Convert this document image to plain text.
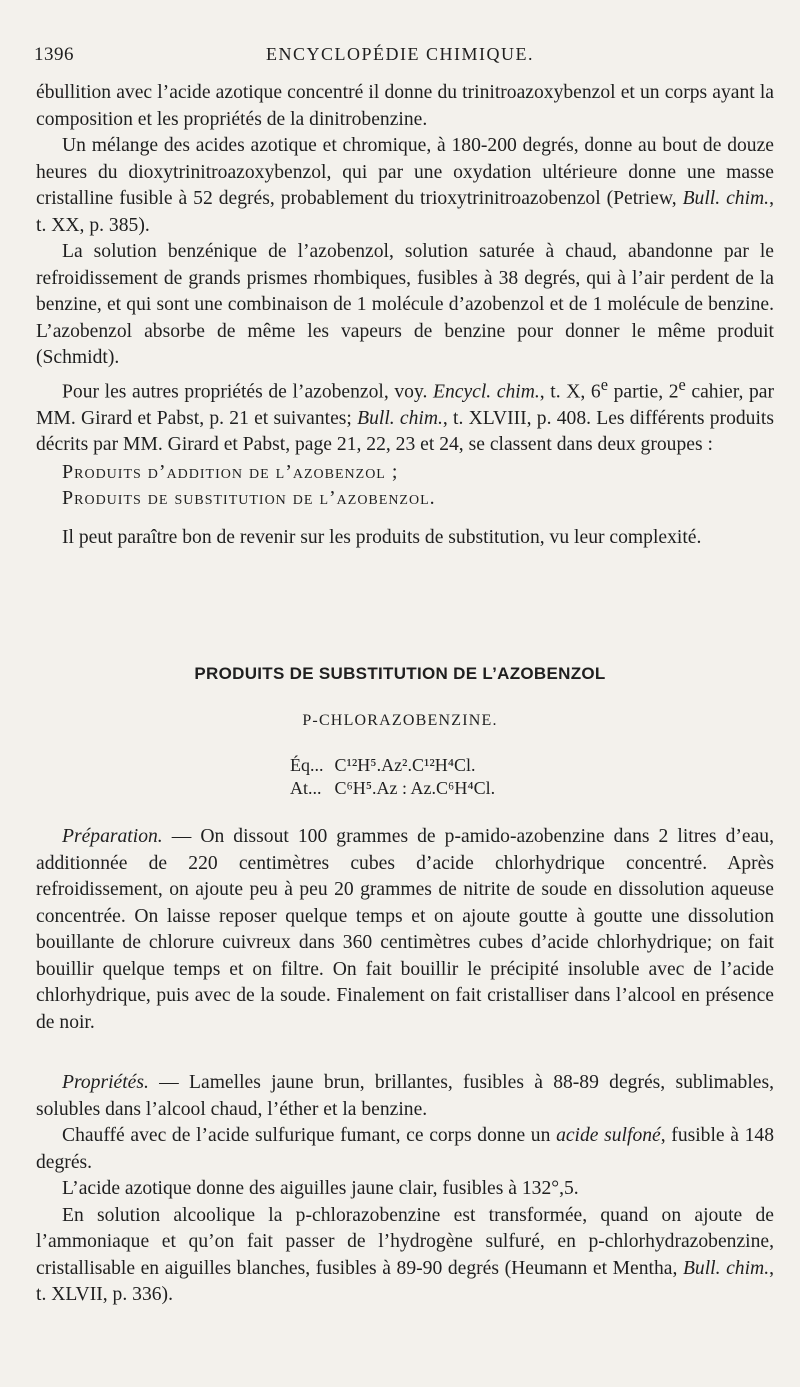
1396	ENCYCLOPÉDIE CHIMIQUE.

ébullition avec l’acide azotique concentré il donne du trinitroazoxybenzol et un corps ayant la composition et les propriétés de la dinitrobenzine.

Un mélange des acides azotique et chromique, à 180-200 degrés, donne au bout de douze heures du dioxytrinitroazoxybenzol, qui par une oxydation ultérieure donne une masse cristalline fusible à 52 degrés, probablement du trioxytrinitroazobenzol (Petriew, Bull. chim., t. XX, p. 385).

La solution benzénique de l’azobenzol, solution saturée à chaud, abandonne par le refroidissement de grands prismes rhombiques, fusibles à 38 degrés, qui à l’air perdent de la benzine, et qui sont une combinaison de 1 molécule d’azobenzol et de 1 molécule de benzine. L’azobenzol absorbe de même les vapeurs de benzine pour donner le même produit (Schmidt).

Pour les autres propriétés de l’azobenzol, voy. Encycl. chim., t. X, 6e partie, 2e cahier, par MM. Girard et Pabst, p. 21 et suivantes; Bull. chim., t. XLVIII, p. 408. Les différents produits décrits par MM. Girard et Pabst, page 21, 22, 23 et 24, se classent dans deux groupes :

Produits d’addition de l’azobenzol ;

Produits de substitution de l’azobenzol.

Il peut paraître bon de revenir sur les produits de substitution, vu leur complexité.

PRODUITS DE SUBSTITUTION DE L’AZOBENZOL
P-CHLORAZOBENZINE.
Éq... C¹²H⁵.Az².C¹²H⁴Cl.
At... C⁶H⁵.Az : Az.C⁶H⁴Cl.

Préparation. — On dissout 100 grammes de p-amido-azobenzine dans 2 litres d’eau, additionnée de 220 centimètres cubes d’acide chlorhydrique concentré. Après refroidissement, on ajoute peu à peu 20 grammes de nitrite de soude en dissolution aqueuse concentrée. On laisse reposer quelque temps et on ajoute goutte à goutte une dissolution bouillante de chlorure cuivreux dans 360 centimètres cubes d’acide chlorhydrique; on fait bouillir quelque temps et on filtre. On fait bouillir le précipité insoluble avec de l’acide chlorhydrique, puis avec de la soude. Finalement on fait cristalliser dans l’alcool en présence de noir.

Propriétés. — Lamelles jaune brun, brillantes, fusibles à 88-89 degrés, sublimables, solubles dans l’alcool chaud, l’éther et la benzine.

Chauffé avec de l’acide sulfurique fumant, ce corps donne un acide sulfoné, fusible à 148 degrés.

L’acide azotique donne des aiguilles jaune clair, fusibles à 132°,5.

En solution alcoolique la p-chlorazobenzine est transformée, quand on ajoute de l’ammoniaque et qu’on fait passer de l’hydrogène sulfuré, en p-chlorhydrazobenzine, cristallisable en aiguilles blanches, fusibles à 89-90 degrés (Heumann et Mentha, Bull. chim., t. XLVII, p. 336).
